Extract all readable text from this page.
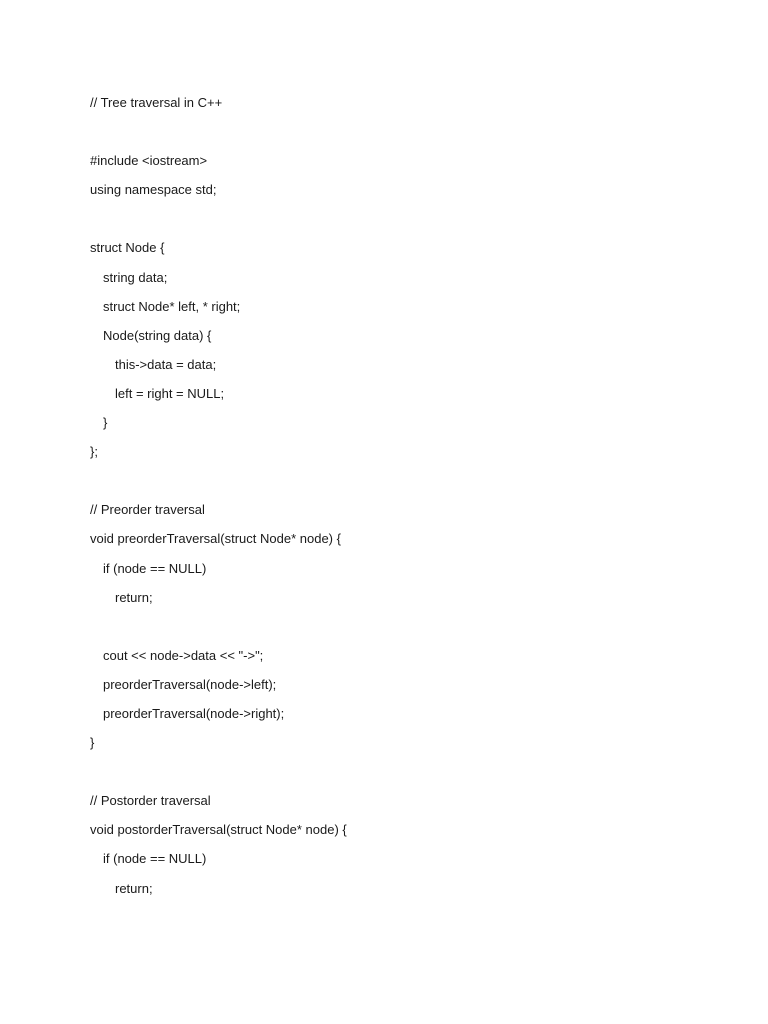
// Tree traversal in C++
#include <iostream>
using namespace std;
struct Node {
string data;
struct Node* left, * right;
Node(string data) {
this->data = data;
left = right = NULL;
}
};
// Preorder traversal
void preorderTraversal(struct Node* node) {
if (node == NULL)
return;
cout << node->data << "->";
preorderTraversal(node->left);
preorderTraversal(node->right);
}
// Postorder traversal
void postorderTraversal(struct Node* node) {
if (node == NULL)
return;
